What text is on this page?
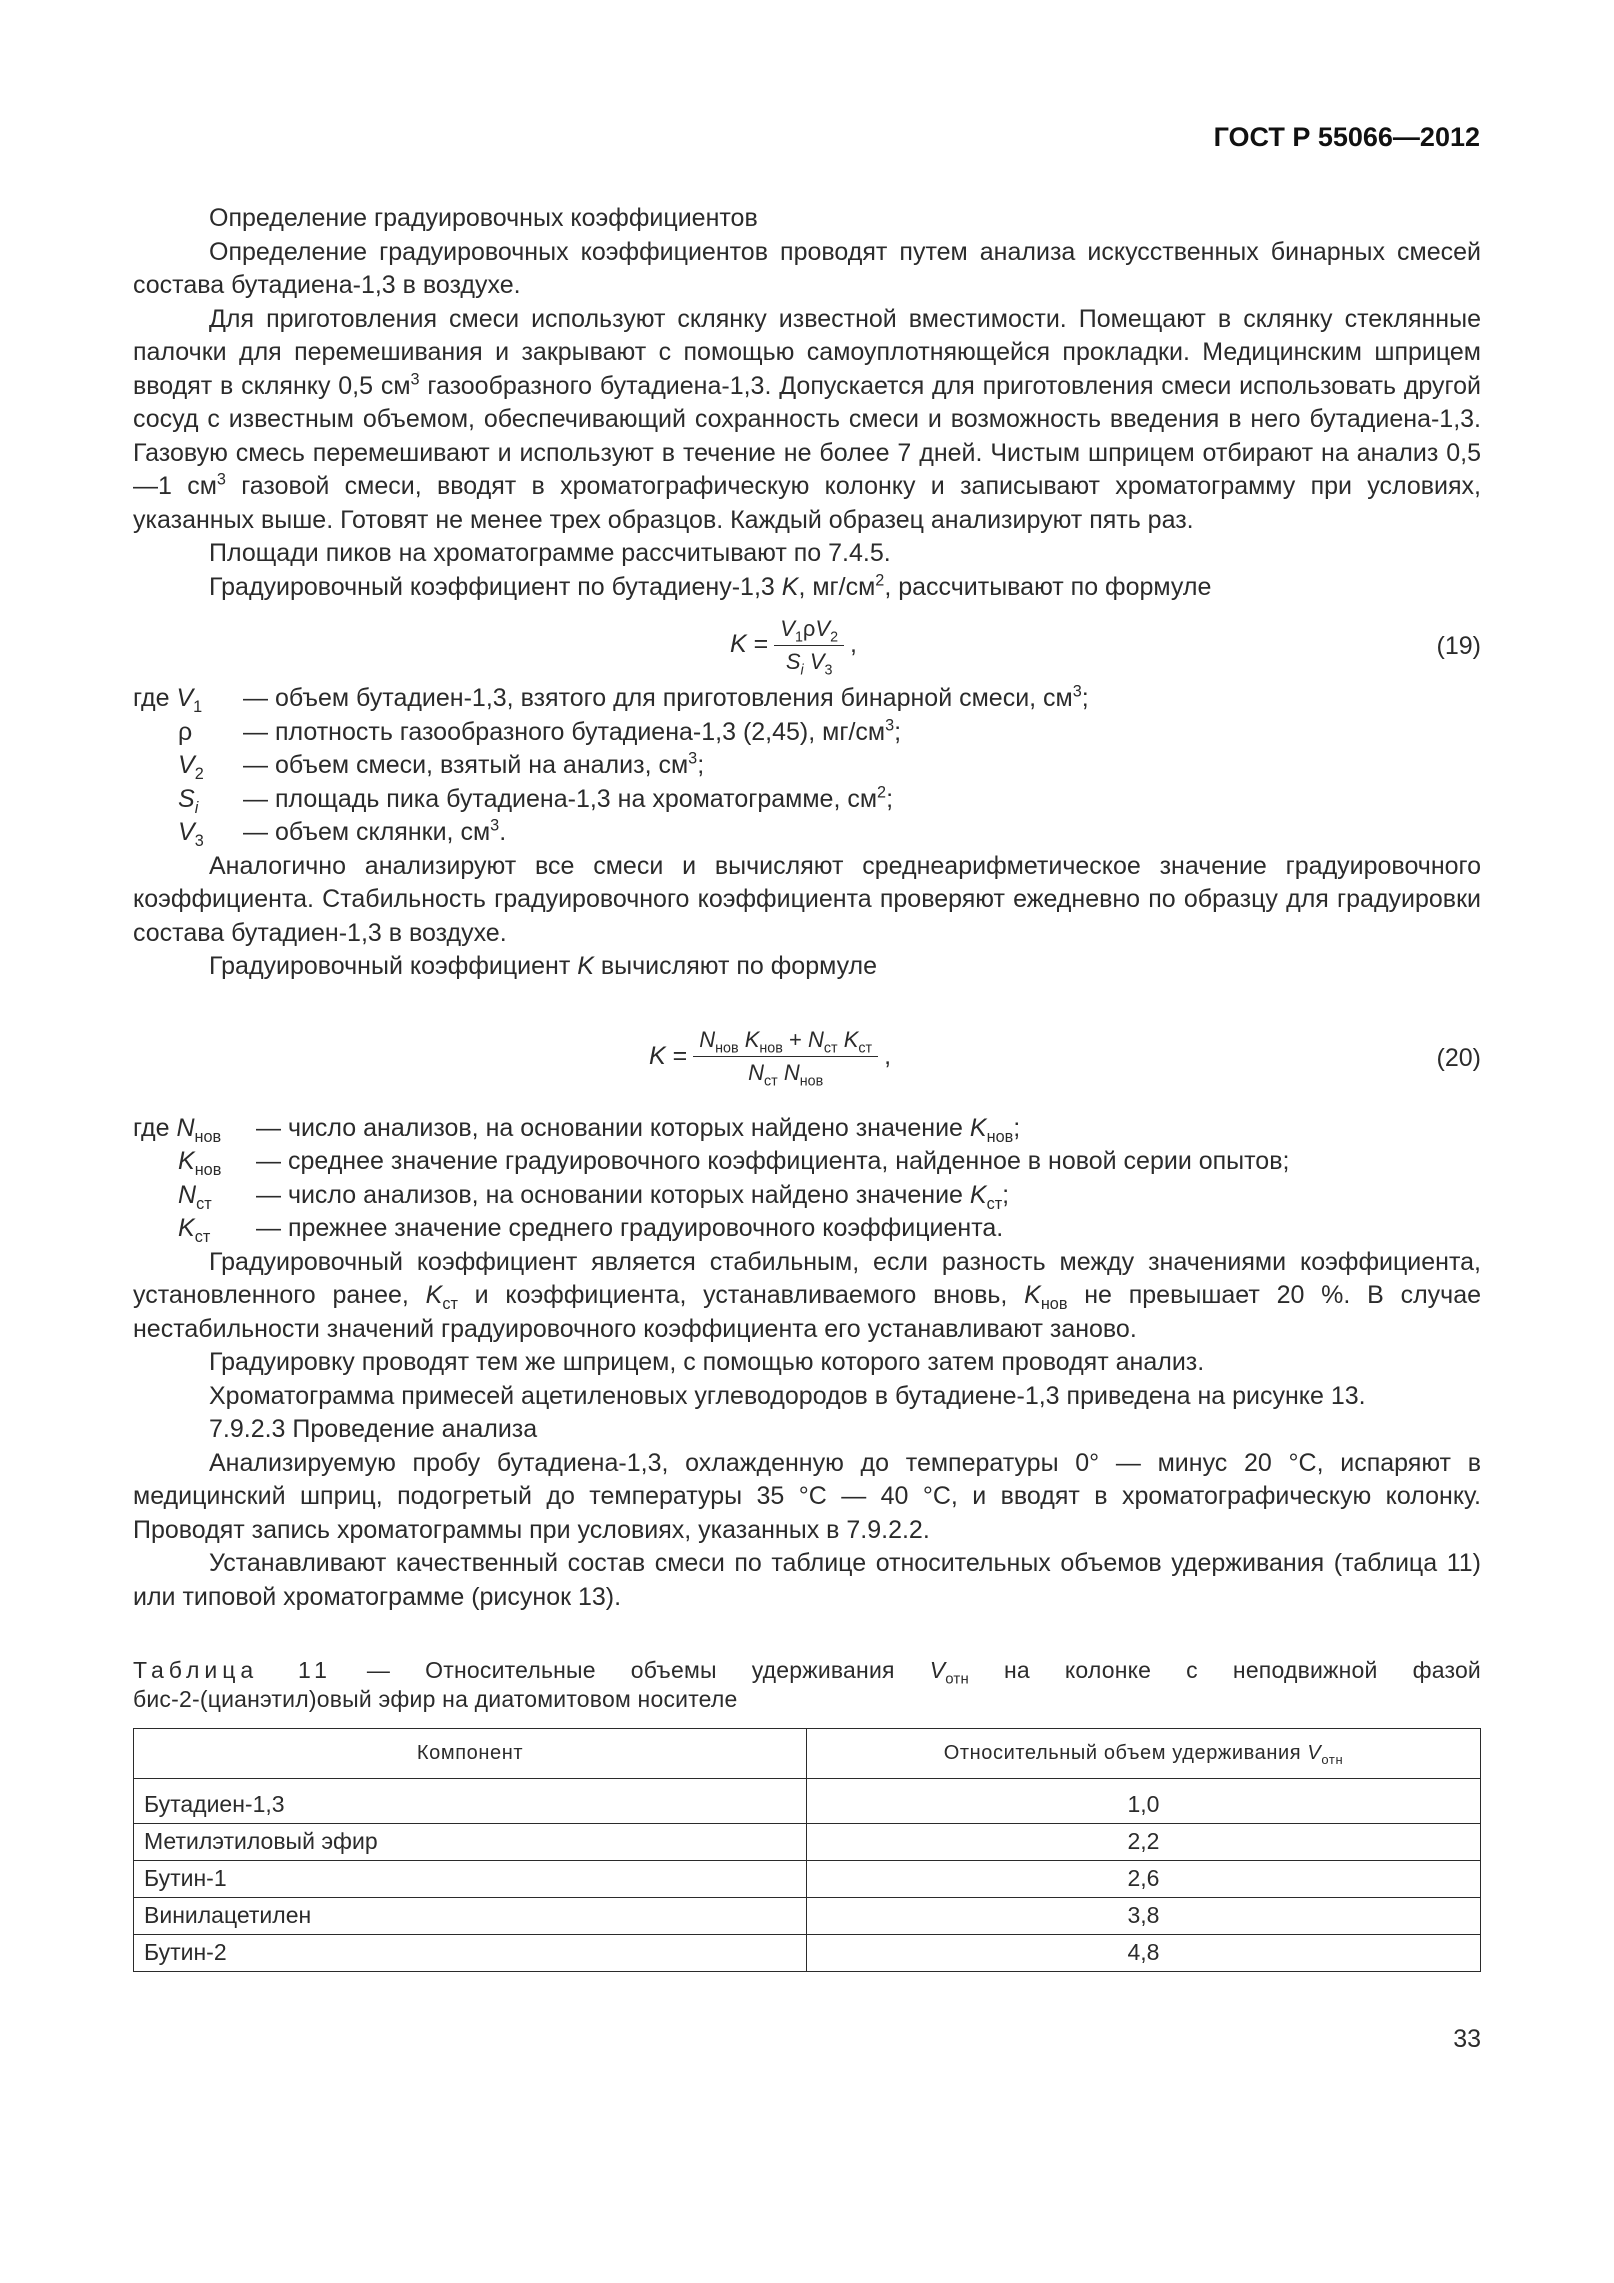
ГОСТ Р 55066—2012
Определение градуировочных коэффициентов
Определение градуировочных коэффициентов проводят путем анализа искусственных бинарных смесей состава бутадиена-1,3 в воздухе.
Для приготовления смеси используют склянку известной вместимости. Помещают в склянку стеклянные палочки для перемешивания и закрывают с помощью самоуплотняющейся прокладки. Медицинским шприцем вводят в склянку 0,5 $см^3$ газообразного бутадиена-1,3. Допускается для приготовления смеси использовать другой сосуд с известным объемом, обеспечивающий сохранность смеси и возможность введения в него бутадиена-1,3. Газовую смесь перемешивают и используют в течение не более 7 дней. Чистым шприцем отбирают на анализ 0,5—1 $см^3$ газовой смеси, вводят в хроматографическую колонку и записывают хроматограмму при условиях, указанных выше. Готовят не менее трех образцов. Каждый образец анализируют пять раз.
Площади пиков на хроматограмме рассчитывают по 7.4.5.
Градуировочный коэффициент по бутадиену-1,3 K, $мг/см^2$, рассчитывают по формуле
K
= $\frac{V_1\rho V_2}{S_i V_3}$ ,	(19)
где $V_1$ — объем бутадиен-1,3, взятого для приготовления бинарной смеси, $см^3$;
ρ — плотность газообразного бутадиена-1,3 (2,45), $мг/см^3$;
$V_2$ — объем смеси, взятый на анализ, $см^3$;
$S_i$ — площадь пика бутадиена-1,3 на хроматограмме, $см^2$;
$V_3$ — объем склянки, $см^3$.
Аналогично анализируют все смеси и вычисляют среднеарифметическое значение градуировочного коэффициента. Стабильность градуировочного коэффициента проверяют ежедневно по образцу для градуировки состава бутадиен-1,3 в воздухе.
Градуировочный коэффициент K вычисляют по формуле
K
= $\frac{N_{нов} K_{нов} + N_{ст} K_{ст}}{N_{ст} N_{нов}}$ ,	(20)
где $N_{нов}$ — число анализов, на основании которых найдено значение $K_{нов}$;
$K_{нов}$ — среднее значение градуировочного коэффициента, найденное в новой серии опытов;
$N_{ст}$ — число анализов, на основании которых найдено значение $K_{ст}$;
$K_{ст}$ — прежнее значение среднего градуировочного коэффициента.
Градуировочный коэффициент является стабильным, если разность между значениями коэффициента, установленного ранее, $K_{ст}$ и коэффициента, устанавливаемого вновь, $K_{нов}$ не превышает 20 %. В случае нестабильности значений градуировочного коэффициента его устанавливают заново.
Градуировку проводят тем же шприцем, с помощью которого затем проводят анализ.
Хроматограмма примесей ацетиленовых углеводородов в бутадиене-1,3 приведена на рисунке 13.
7.9.2.3 Проведение анализа
Анализируемую пробу бутадиена-1,3, охлажденную до температуры 0° — минус 20 °С, испаряют в медицинский шприц, подогретый до температуры 35 °С — 40 °С, и вводят в хроматографическую колонку. Проводят запись хроматограммы при условиях, указанных в 7.9.2.2.
Устанавливают качественный состав смеси по таблице относительных объемов удерживания (таблица 11) или типовой хроматограмме (рисунок 13).
Таблица 11 — Относительные объемы удерживания $V_{отн}$ на колонке с неподвижной фазой
бис-2-(цианэтил)овый эфир на диатомитовом носителе
Компонент	Относительный объем удерживания $V_{отн}$
Бутадиен-1,3	1,0
Метилэтиловый эфир	2,2
Бутин-1	2,6
Винилацетилен	3,8
Бутин-2	4,8
33
